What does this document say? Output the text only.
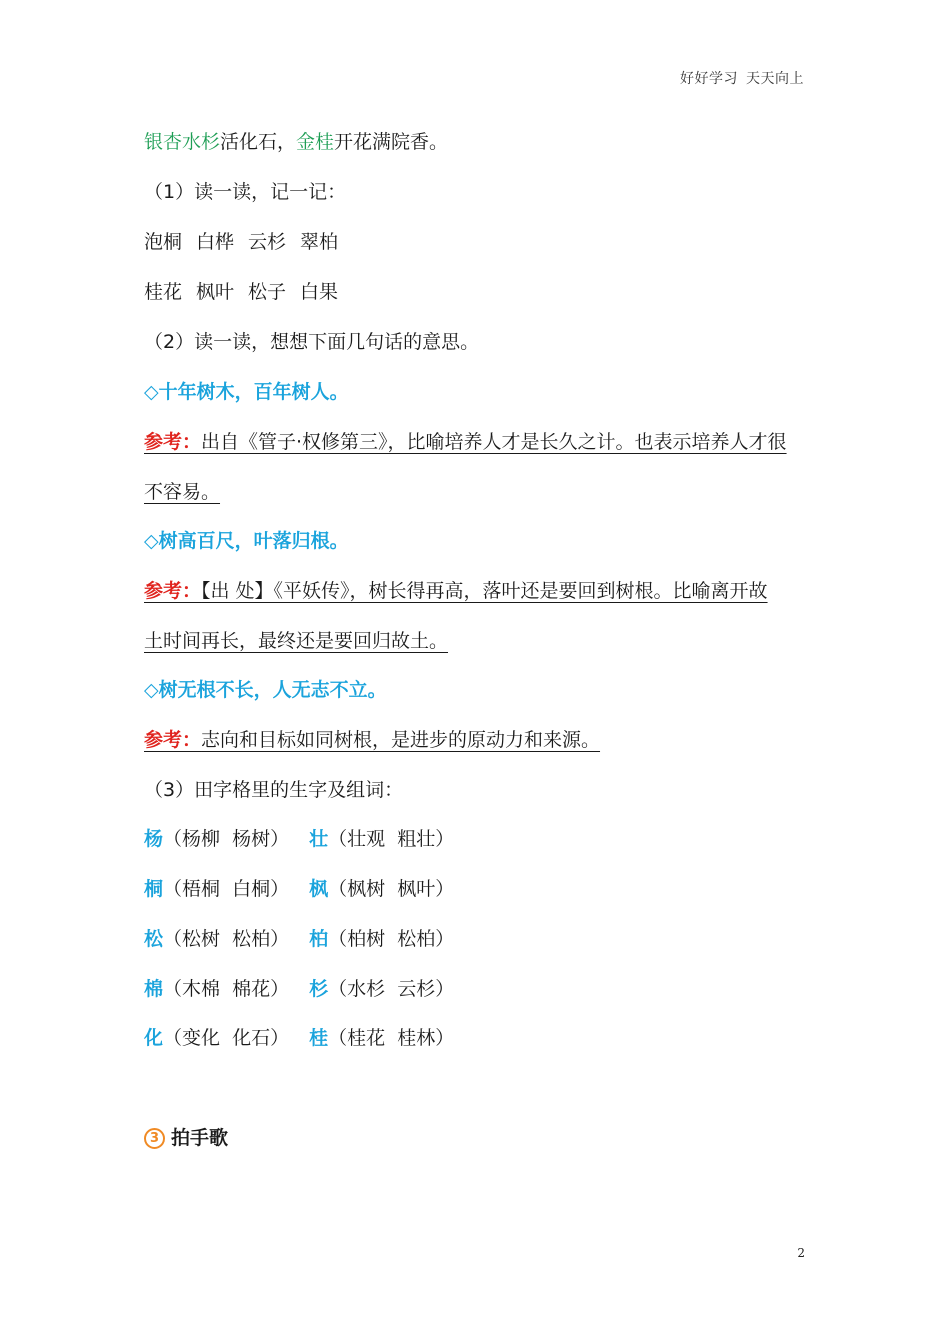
好好学习 天天向上
银杏水杉活化石，金桂开花满院香。
（1）读一读，记一记：
泡桐 白桦 云杉 翠柏
桂花 枫叶 松子 白果
（2）读一读，想想下面几句话的意思。
◇十年树木，百年树人。
参考：出自《管子·权修第三》，比喻培养人才是长久之计。也表示培养人才很
不容易。
◇树高百尺，叶落归根。
参考：【出 处】《平妖传》，树长得再高，落叶还是要回到树根。比喻离开故
土时间再长，最终还是要回归故土。
◇树无根不长，人无志不立。
参考：志向和目标如同树根，是进步的原动力和来源。
（3）田字格里的生字及组词：
杨（杨柳  杨树） 壮（壮观  粗壮）
桐（梧桐  白桐） 枫（枫树  枫叶）
松（松树  松柏） 柏（柏树  松柏）
棉（木棉  棉花） 杉（水杉  云杉）
化（变化  化石） 桂（桂花  桂林）
3 拍手歌
2
